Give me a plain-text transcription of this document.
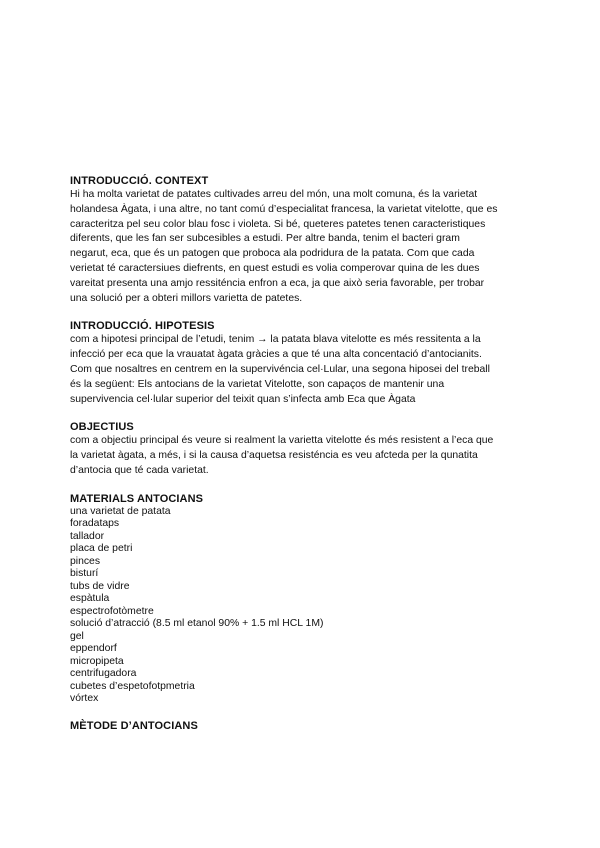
INTRODUCCIÓ. CONTEXT
Hi ha molta varietat de patates cultivades arreu del món, una molt comuna, és la varietat
holandesa Àgata, i una altre, no tant comú d’especialitat francesa, la varietat vitelotte, que es
caracteritza pel seu color blau fosc i violeta. Si bé, queteres patetes tenen caracteristiques
diferents, que les fan ser subcesibles a estudi. Per altre banda, tenim el bacteri gram
negarut, eca, que és un patogen que proboca ala podridura de la patata. Com que cada
verietat té caractersiues diefrents, en quest estudi es volia comperovar quina de les dues
vareitat presenta una amjo ressiténcia enfron a eca, ja que això seria favorable, per trobar
una solució per a obteri millors varietta de patetes.
INTRODUCCIÓ. HIPOTESIS
com a hipotesi principal de l’etudi, tenim → la patata blava vitelotte es més ressitenta a la
infecció per eca que la vrauatat àgata gràcies a que té una alta concentació d’antocianits.
Com que nosaltres en centrem en la supervivéncia cel·Lular, una segona hiposei del treball
és la següent: Els antocians de la varietat Vitelotte, son capaços de mantenir una
supervivencia cel·lular superior del teixit quan s’infecta amb Eca que Àgata
OBJECTIUS
com a objectiu principal és veure si realment la varietta vitelotte és més resistent a l’eca que
la varietat àgata, a més, i si la causa d’aquetsa resisténcia es veu afcteda per la qunatita
d’antocia que té cada varietat.
MATERIALS ANTOCIANS
una varietat de patata
foradataps
tallador
placa de petri
pinces
bisturí
tubs de vidre
espàtula
espectrofotòmetre
solució d’atracció (8.5 ml etanol 90% + 1.5 ml HCL 1M)
gel
eppendorf
micropipeta
centrifugadora
cubetes d’espetofotpmetria
vórtex
MÈTODE D’ANTOCIANS
